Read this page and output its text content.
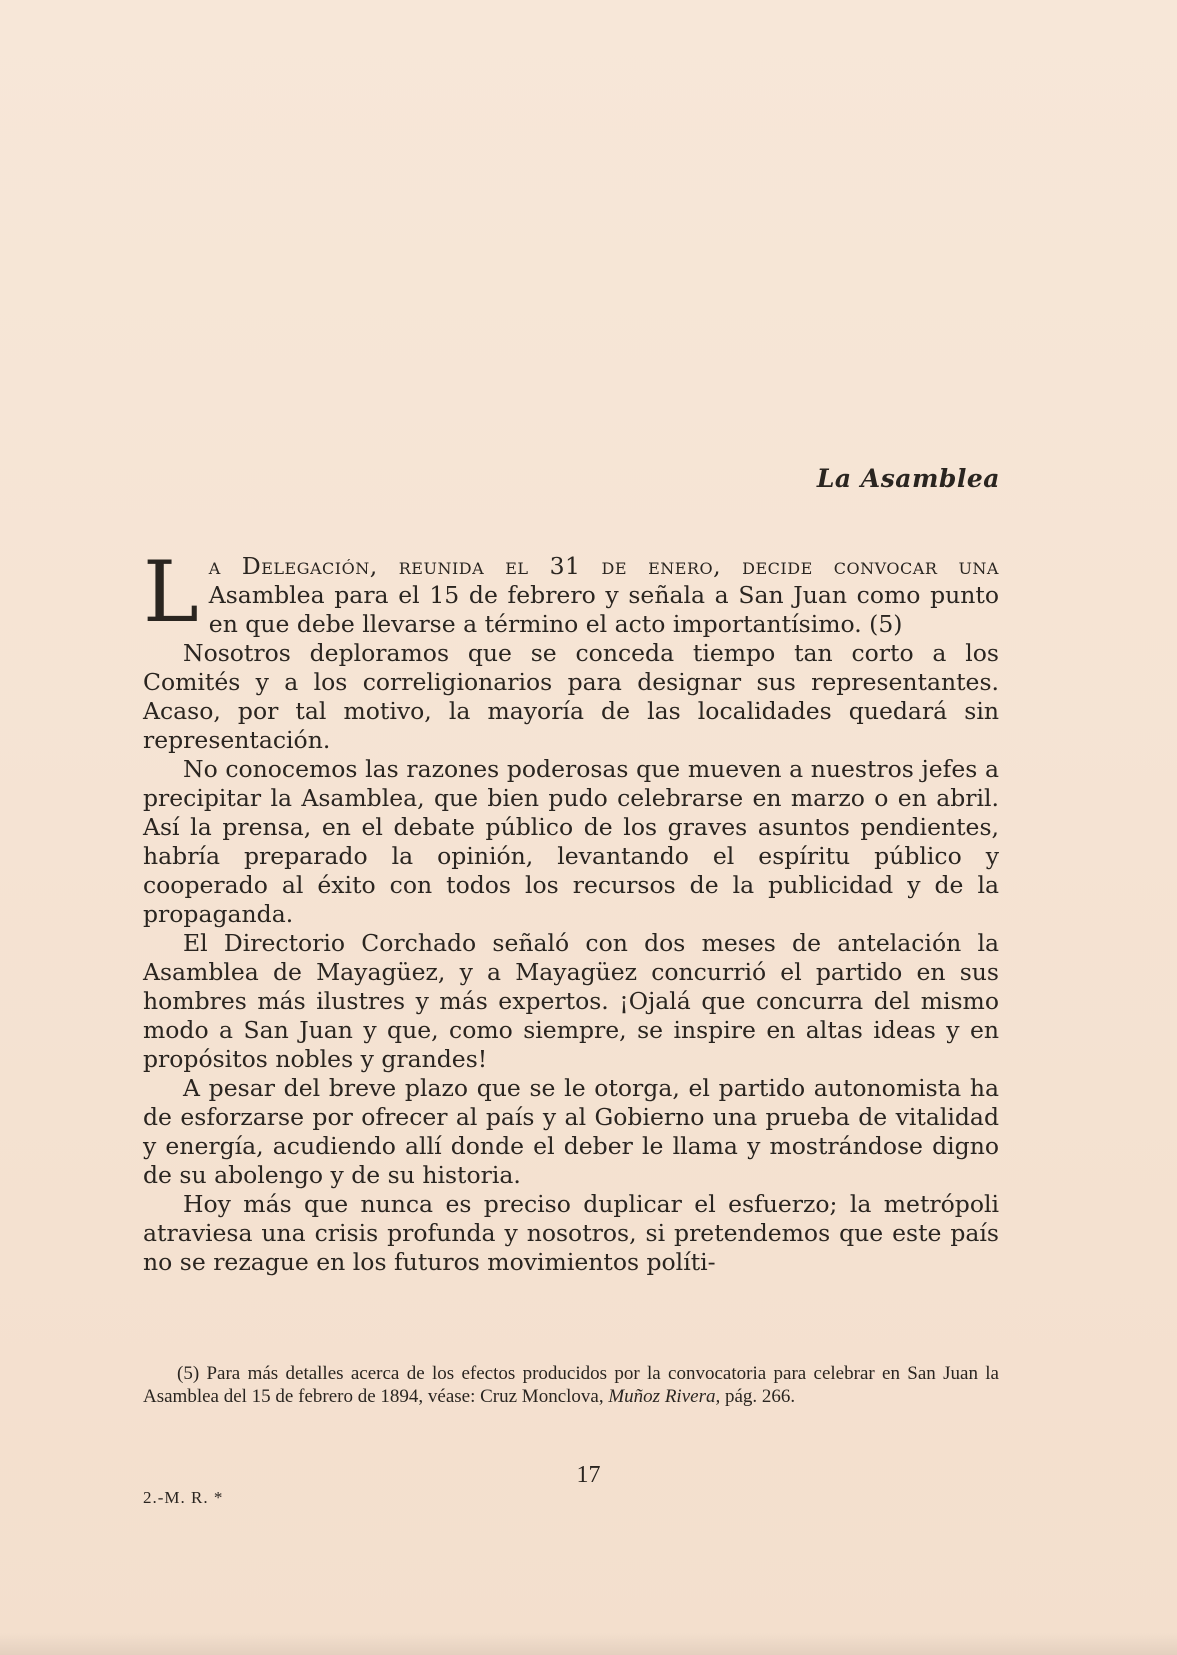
La Asamblea

La Delegación, reunida el 31 de enero, decide convocar una Asamblea para el 15 de febrero y señala a San Juan como punto en que debe llevarse a término el acto importantísimo. (5)

Nosotros deploramos que se conceda tiempo tan corto a los Comités y a los correligionarios para designar sus representantes. Acaso, por tal motivo, la mayoría de las localidades quedará sin representación.

No conocemos las razones poderosas que mueven a nuestros jefes a precipitar la Asamblea, que bien pudo celebrarse en marzo o en abril. Así la prensa, en el debate público de los graves asuntos pendientes, habría preparado la opinión, levantando el espíritu público y cooperado al éxito con todos los recursos de la publicidad y de la propaganda.

El Directorio Corchado señaló con dos meses de antelación la Asamblea de Mayagüez, y a Mayagüez concurrió el partido en sus hombres más ilustres y más expertos. ¡Ojalá que concurra del mismo modo a San Juan y que, como siempre, se inspire en altas ideas y en propósitos nobles y grandes!

A pesar del breve plazo que se le otorga, el partido autonomista ha de esforzarse por ofrecer al país y al Gobierno una prueba de vitalidad y energía, acudiendo allí donde el deber le llama y mostrándose digno de su abolengo y de su historia.

Hoy más que nunca es preciso duplicar el esfuerzo; la metrópoli atraviesa una crisis profunda y nosotros, si pretendemos que este país no se rezague en los futuros movimientos políti-

(5) Para más detalles acerca de los efectos producidos por la convocatoria para celebrar en San Juan la Asamblea del 15 de febrero de 1894, véase: Cruz Monclova, Muñoz Rivera, pág. 266.

17
2.-M. R. *
